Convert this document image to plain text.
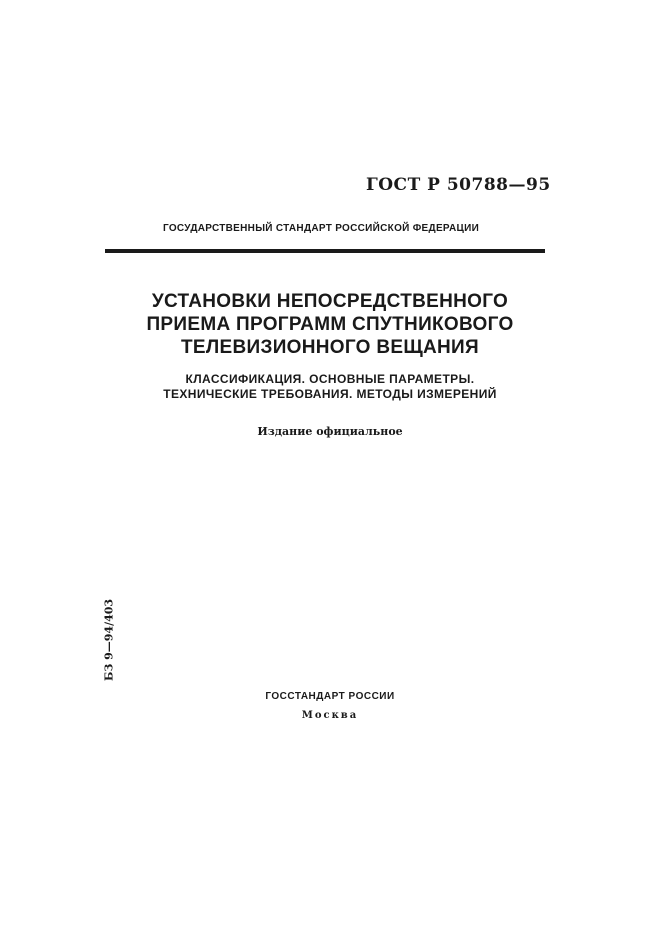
ГОСТ Р 50788—95
ГОСУДАРСТВЕННЫЙ СТАНДАРТ РОССИЙСКОЙ ФЕДЕРАЦИИ
УСТАНОВКИ НЕПОСРЕДСТВЕННОГО
ПРИЕМА ПРОГРАММ СПУТНИКОВОГО
ТЕЛЕВИЗИОННОГО ВЕЩАНИЯ
КЛАССИФИКАЦИЯ. ОСНОВНЫЕ ПАРАМЕТРЫ.
ТЕХНИЧЕСКИЕ ТРЕБОВАНИЯ. МЕТОДЫ ИЗМЕРЕНИЙ
Издание официальное
БЗ 9—94/403
ГОССТАНДАРТ РОССИИ
Москва
